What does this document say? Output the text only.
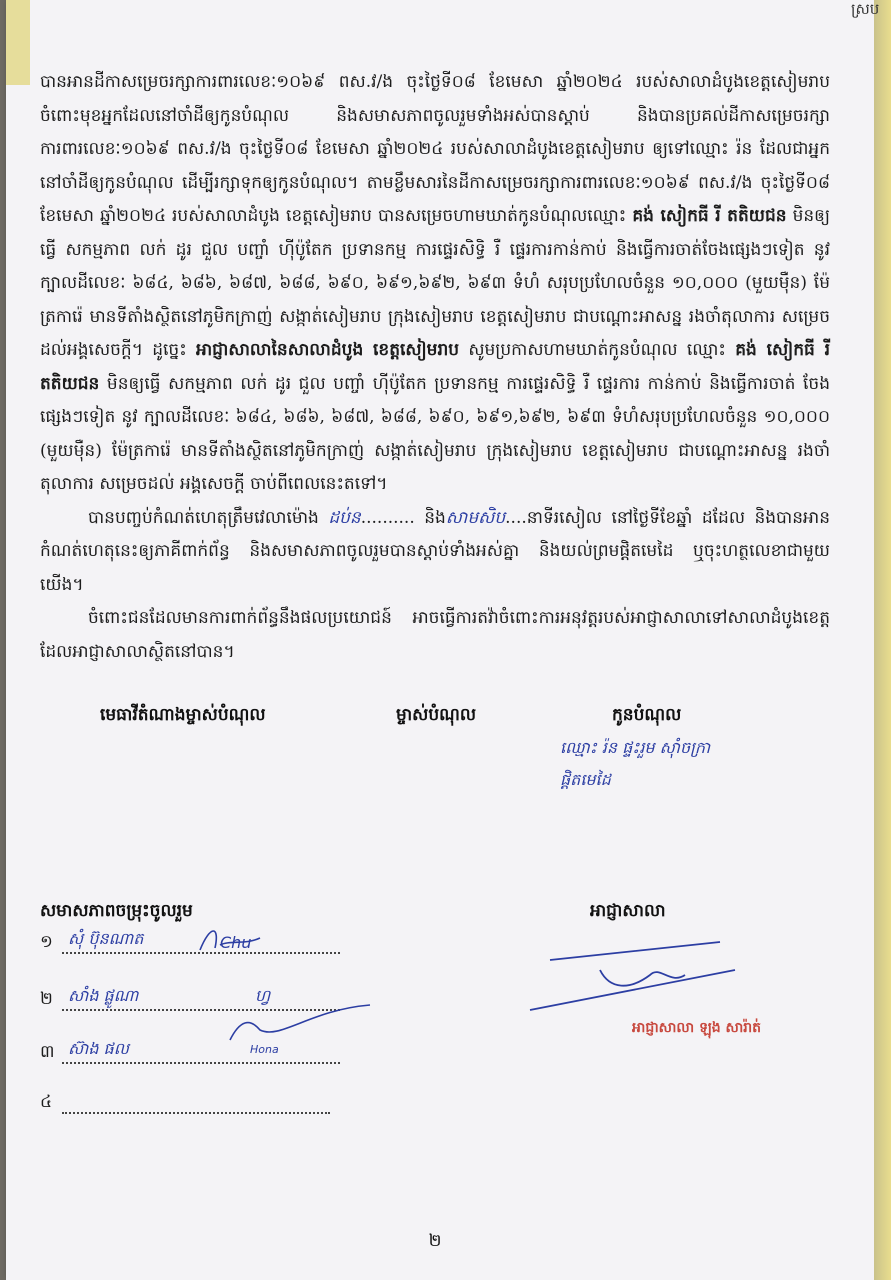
ស្រប

បានអានដីកាសម្រេចរក្សាការពារលេខៈ១០៦៩ ពស.វ/ង ចុះថ្ងៃទី០៨ ខែមេសា ឆ្នាំ២០២៤ របស់សាលាដំបូងខេត្តសៀមរាប ចំពោះមុខអ្នកដែលនៅចាំដីឲ្យកូនបំណុល និងសមាសភាពចូលរួមទាំងអស់បានស្តាប់ និងបានប្រគល់ដីកាសម្រេចរក្សាការពារលេខៈ១០៦៩ ពស.វ/ង ចុះថ្ងៃទី០៨ ខែមេសា ឆ្នាំ២០២៤ របស់សាលាដំបូងខេត្តសៀមរាប ឲ្យទៅឈ្មោះ រ៉ន ដែលជាអ្នកនៅចាំដីឲ្យកូនបំណុល ដើម្បីរក្សាទុកឲ្យកូនបំណុល។ តាមខ្លឹមសារនៃដីកាសម្រេចរក្សាការពារលេខៈ១០៦៩ ពស.វ/ង ចុះថ្ងៃទី០៨ ខែមេសា ឆ្នាំ២០២៤ របស់សាលាដំបូង ខេត្តសៀមរាប បានសម្រេចហាមឃាត់កូនបំណុលឈ្មោះ គង់ សៀកធី រី តតិយជន មិនឲ្យធ្វើ សកម្មភាព លក់ ដូរ ជួល បញ្ចាំ ហ៊ីប៉ូតែក ប្រទានកម្ម ការផ្ទេរសិទ្ធិ រឺ ផ្ទេរការកាន់កាប់ និងធ្វើការចាត់ចែងផ្សេងៗទៀត នូវក្បាលដីលេខៈ ៦៨៤, ៦៨៦, ៦៨៧, ៦៨៨, ៦៩០, ៦៩១,៦៩២, ៦៩៣ ទំហំ សរុបប្រហែលចំនួន ១០,០០០ (មួយម៉ឺន) ម៉ែត្រការ៉េ មានទីតាំងស្ថិតនៅភូមិកក្រាញ់ សង្កាត់សៀមរាប ក្រុងសៀមរាប ខេត្តសៀមរាប ជាបណ្តោះអាសន្ន រងចាំតុលាការ សម្រេចដល់អង្គសេចក្តី។ ដូច្នេះ អាជ្ញាសាលានៃសាលាដំបូង ខេត្តសៀមរាប សូមប្រកាសហាមឃាត់កូនបំណុល ឈ្មោះ គង់ សៀកធី រី តតិយជន មិនឲ្យធ្វើ សកម្មភាព លក់ ដូរ ជួល បញ្ចាំ ហ៊ីប៉ូតែក ប្រទានកម្ម ការផ្ទេរសិទ្ធិ រឺ ផ្ទេរការ កាន់កាប់ និងធ្វើការចាត់ ចែងផ្សេងៗទៀត នូវ ក្បាលដីលេខៈ ៦៨៤, ៦៨៦, ៦៨៧, ៦៨៨, ៦៩០, ៦៩១,៦៩២, ៦៩៣ ទំហំសរុបប្រហែលចំនួន ១០,០០០ (មួយម៉ឺន) ម៉ែត្រការ៉េ មានទីតាំងស្ថិតនៅភូមិកក្រាញ់ សង្កាត់សៀមរាប ក្រុងសៀមរាប ខេត្តសៀមរាប ជាបណ្តោះអាសន្ន រងចាំតុលាការ សម្រេចដល់ អង្គសេចក្តី ចាប់ពីពេលនេះតទៅ។

បានបញ្ចប់កំណត់ហេតុត្រឹមវេលាម៉ោង ដប់ន.......... និងសាមសិប....នាទីរសៀល នៅថ្ងៃទីខែឆ្នាំ ដដែល និងបានអានកំណត់ហេតុនេះឲ្យភាគីពាក់ព័ន្ធ និងសមាសភាពចូលរួមបានស្តាប់ទាំងអស់គ្នា និងយល់ព្រមផ្តិតមេដៃ ឬចុះហត្ថលេខាជាមួយយើង។

ចំពោះជនដែលមានការពាក់ព័ន្ធនឹងផលប្រយោជន៍ អាចធ្វើការតវ៉ាចំពោះការអនុវត្តរបស់អាជ្ញាសាលាទៅសាលាដំបូងខេត្តដែលអាជ្ញាសាលាស្ថិតនៅបាន។

មេធាវីតំណាងម្ចាស់បំណុល	ម្ចាស់បំណុល	កូនបំណុល
ឈ្មោះ រ៉ន ផ្ទះរួម ស៊ាំចក្រា
ផ្តិតមេដៃ
សមាសភាពចម្រុះចូលរួម
១ សុំ ប៊ុនណាត	Chu
២ សាំង ផ្លូណា	ហ្វ
៣ ស៊ាង ផល	Hona
៤
អាជ្ញាសាលា
អាជ្ញាសាលា ឡុង សារ៉ាត់
២
